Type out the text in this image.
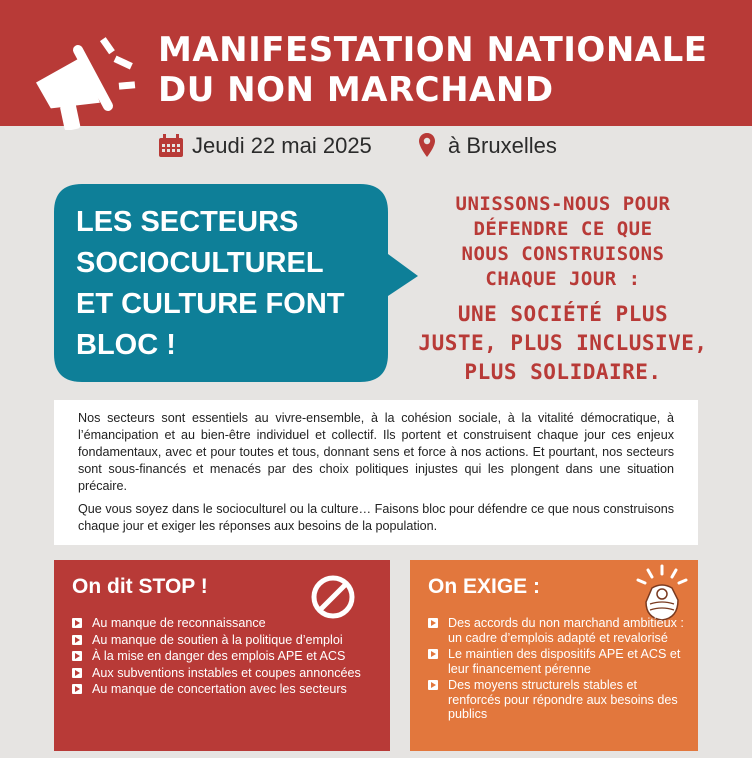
MANIFESTATION NATIONALE
DU NON MARCHAND
Jeudi 22 mai 2025	à Bruxelles
LES SECTEURS
SOCIOCULTUREL
ET CULTURE FONT
BLOC !
UNISSONS-NOUS POUR
DÉFENDRE CE QUE
NOUS CONSTRUISONS
CHAQUE JOUR :
UNE SOCIÉTÉ PLUS
JUSTE, PLUS INCLUSIVE,
PLUS SOLIDAIRE.

Nos secteurs sont essentiels au vivre-ensemble, à la cohésion sociale, à la vitalité démocratique, à l’émancipation et au bien-être individuel et collectif. Ils portent et construisent chaque jour ces enjeux fondamentaux, avec et pour toutes et tous, donnant sens et force à nos actions. Et pourtant, nos secteurs sont sous-financés et menacés par des choix politiques injustes qui les plongent dans une situation précaire.

Que vous soyez dans le socioculturel ou la culture… Faisons bloc pour défendre ce que nous construisons chaque jour et exiger les réponses aux besoins de la population.

On dit STOP !
Au manque de reconnaissance
Au manque de soutien à la politique d’emploi
À la mise en danger des emplois APE et ACS
Aux subventions instables et coupes annoncées
Au manque de concertation avec les secteurs
On EXIGE :
Des accords du non marchand ambitieux : un cadre d’emplois adapté et revalorisé
Le maintien des dispositifs APE et ACS et leur financement pérenne
Des moyens structurels stables et renforcés pour répondre aux besoins des publics
